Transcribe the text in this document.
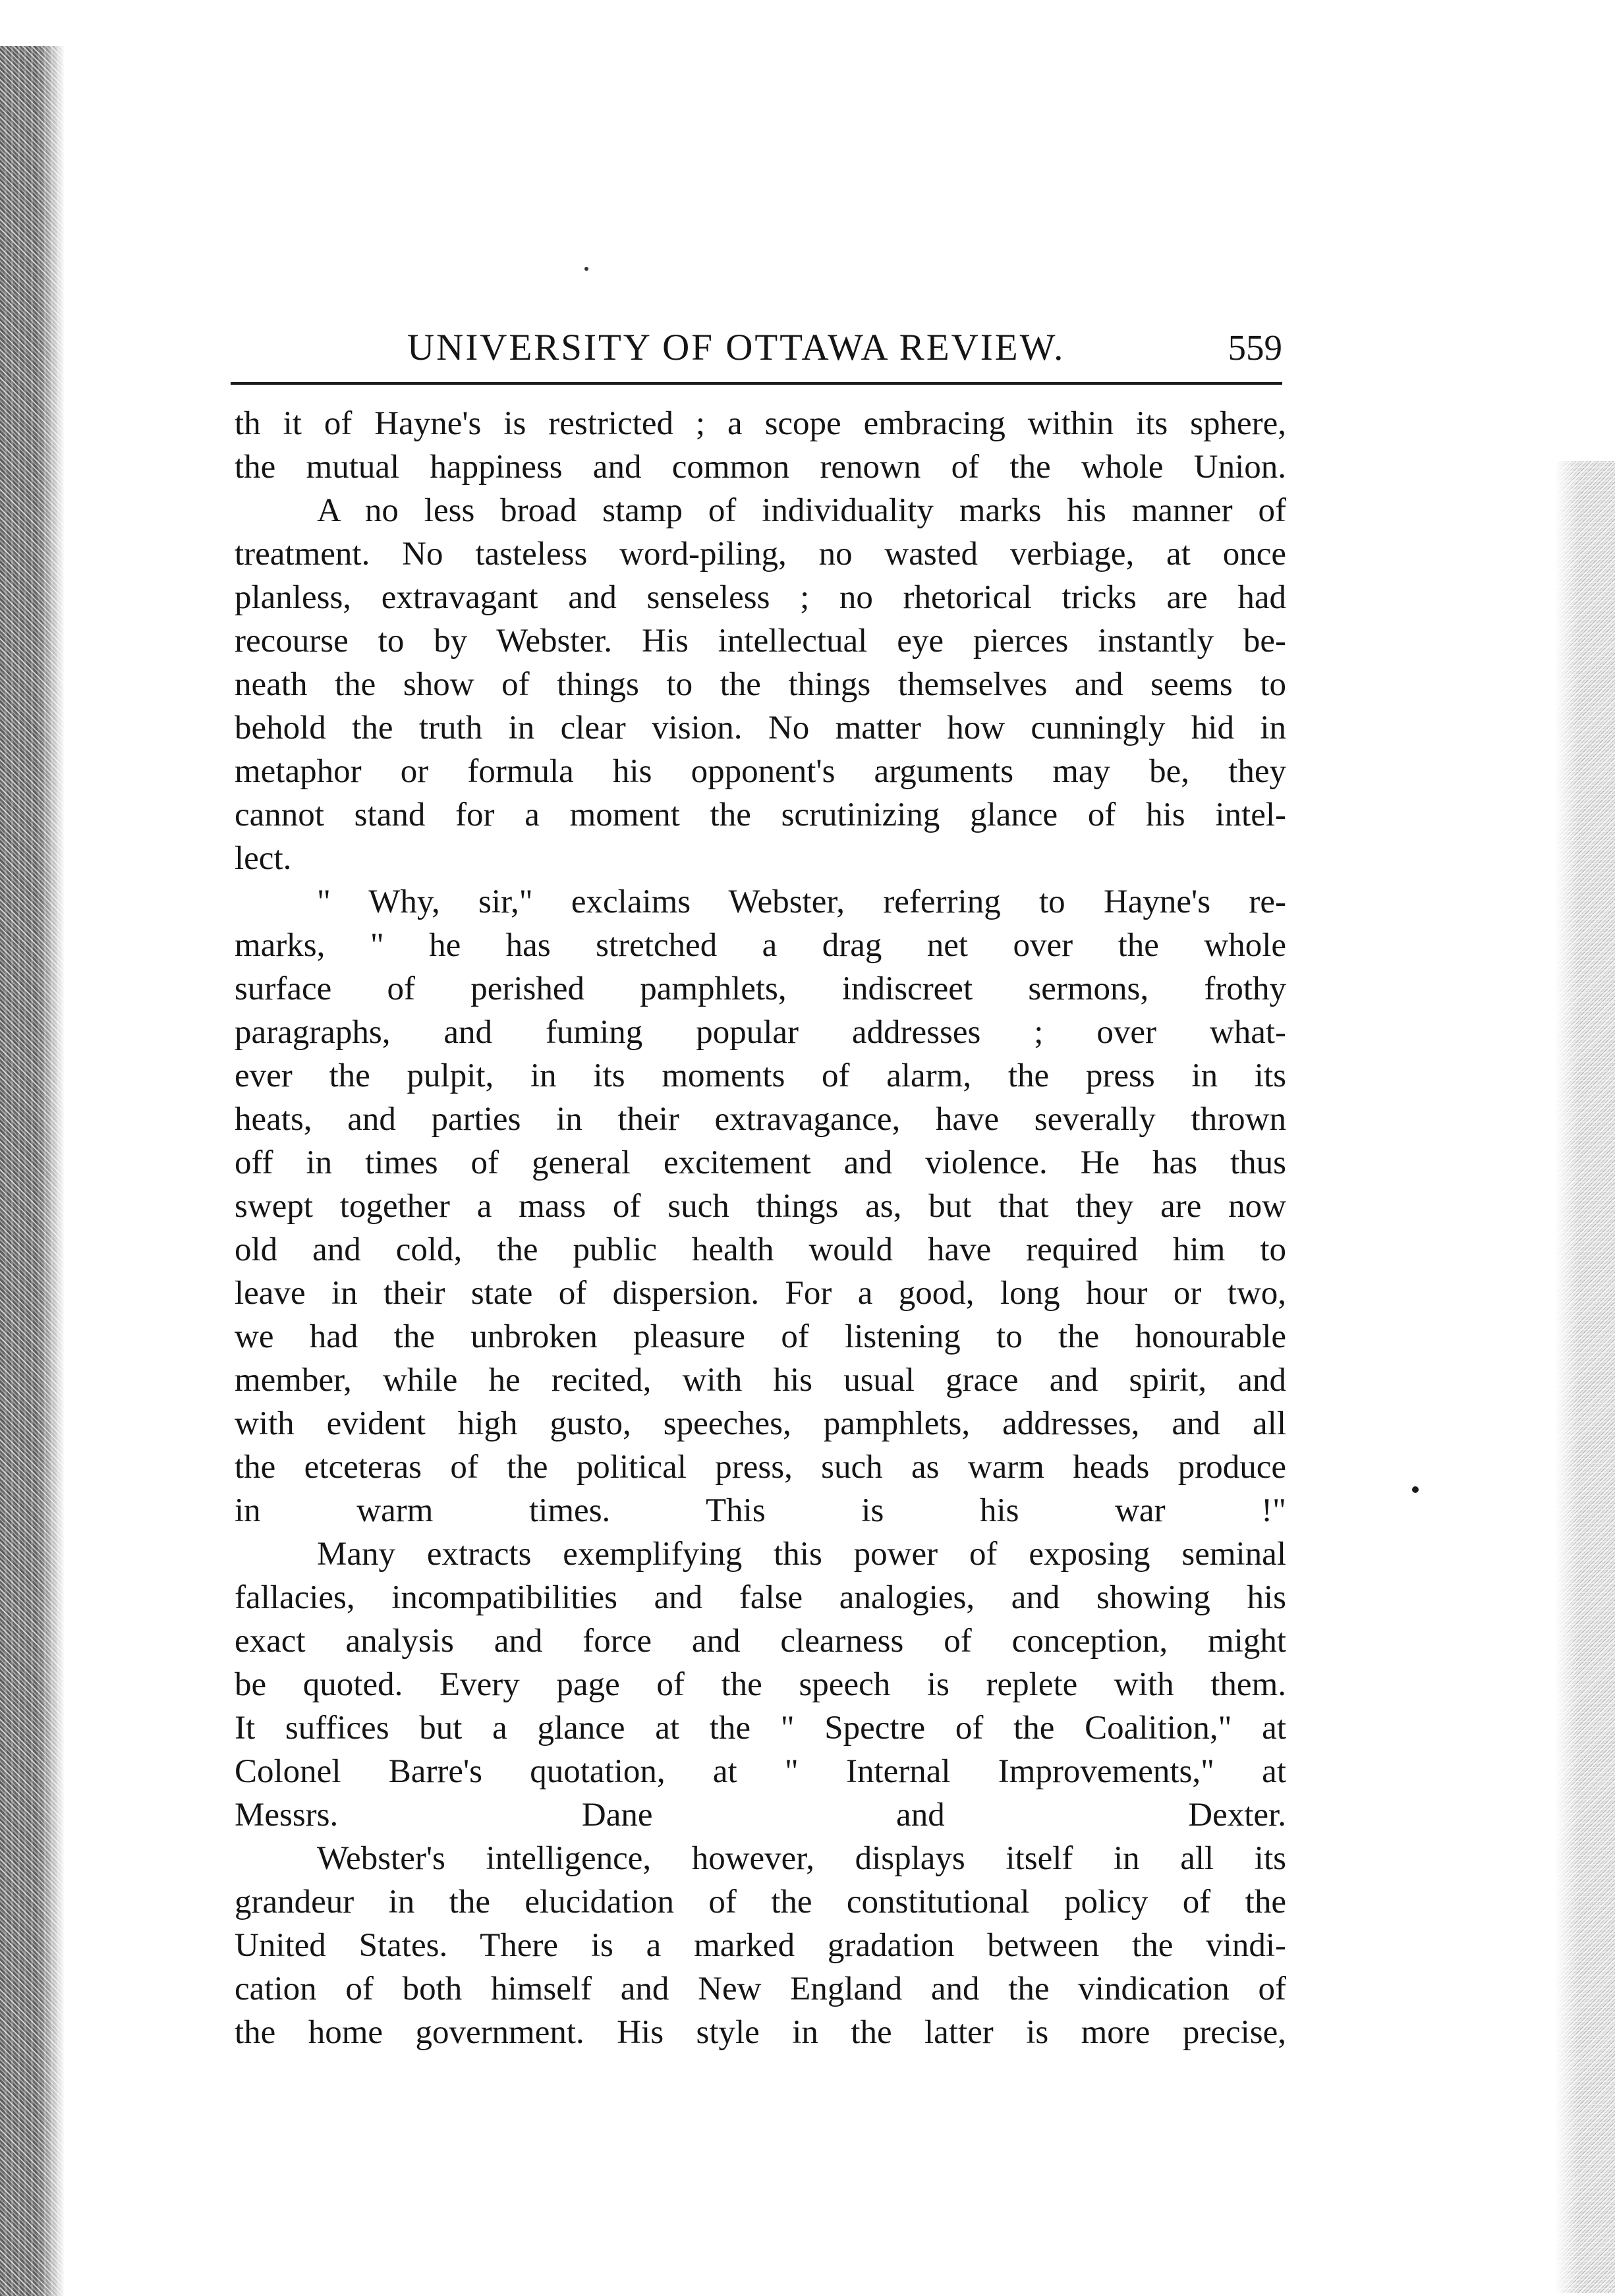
UNIVERSITY OF OTTAWA REVIEW.	559
th it of Hayne's is restricted ; a scope embracing within its sphere,
the mutual happiness and common renown of the whole Union.
A no less broad stamp of individuality marks his manner of
treatment. No tasteless word-piling, no wasted verbiage, at once
planless, extravagant and senseless ; no rhetorical tricks are had
recourse to by Webster. His intellectual eye pierces instantly be-
neath the show of things to the things themselves and seems to
behold the truth in clear vision. No matter how cunningly hid in
metaphor or formula his opponent's arguments may be, they
cannot stand for a moment the scrutinizing glance of his intel-
lect.
" Why, sir," exclaims Webster, referring to Hayne's re-
marks, " he has stretched a drag net over the whole
surface of perished pamphlets, indiscreet sermons, frothy
paragraphs, and fuming popular addresses ; over what-
ever the pulpit, in its moments of alarm, the press in its
heats, and parties in their extravagance, have severally thrown
off in times of general excitement and violence. He has thus
swept together a mass of such things as, but that they are now
old and cold, the public health would have required him to
leave in their state of dispersion. For a good, long hour or two,
we had the unbroken pleasure of listening to the honourable
member, while he recited, with his usual grace and spirit, and
with evident high gusto, speeches, pamphlets, addresses, and all
the etceteras of the political press, such as warm heads produce
in warm times. This is his war !"
Many extracts exemplifying this power of exposing seminal
fallacies, incompatibilities and false analogies, and showing his
exact analysis and force and clearness of conception, might
be quoted. Every page of the speech is replete with them.
It suffices but a glance at the " Spectre of the Coalition," at
Colonel Barre's quotation, at " Internal Improvements," at
Messrs. Dane and Dexter.
Webster's intelligence, however, displays itself in all its
grandeur in the elucidation of the constitutional policy of the
United States. There is a marked gradation between the vindi-
cation of both himself and New England and the vindication of
the home government. His style in the latter is more precise,
